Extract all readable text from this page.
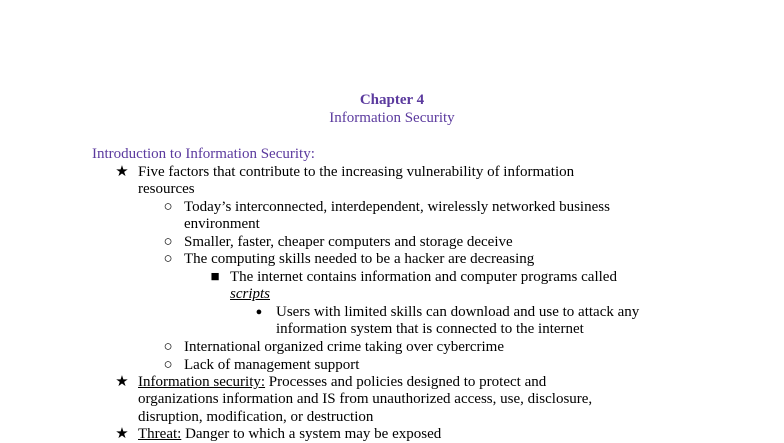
Chapter 4
Information Security
Introduction to Information Security:
★ Five factors that contribute to the increasing vulnerability of information
resources
○ Today’s interconnected, interdependent, wirelessly networked business
environment
○ Smaller, faster, cheaper computers and storage deceive
○ The computing skills needed to be a hacker are decreasing
■ The internet contains information and computer programs called
scripts
● Users with limited skills can download and use to attack any
information system that is connected to the internet
○ International organized crime taking over cybercrime
○ Lack of management support
★ Information security: Processes and policies designed to protect and
organizations information and IS from unauthorized access, use, disclosure,
disruption, modification, or destruction
★ Threat: Danger to which a system may be exposed
